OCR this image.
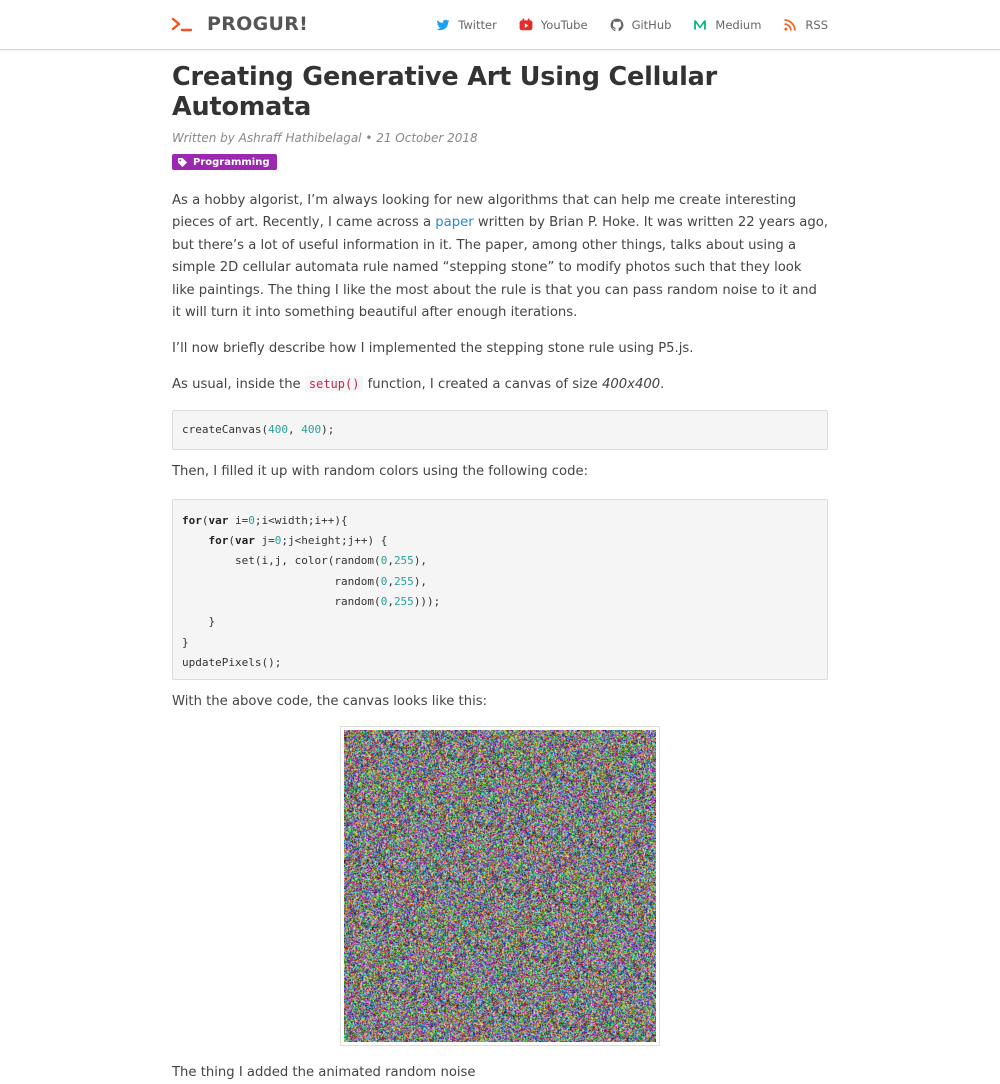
PROGUR!	Twitter	YouTube	GitHub	Medium	RSS
Creating Generative Art Using Cellular Automata
Written by Ashraff Hathibelagal • 21 October 2018
Programming

As a hobby algorist, I’m always looking for new algorithms that can help me create interesting pieces of art. Recently, I came across a paper written by Brian P. Hoke. It was written 22 years ago, but there’s a lot of useful information in it. The paper, among other things, talks about using a simple 2D cellular automata rule named “stepping stone” to modify photos such that they look like paintings. The thing I like the most about the rule is that you can pass random noise to it and it will turn it into something beautiful after enough iterations.

I’ll now briefly describe how I implemented the stepping stone rule using P5.js.

As usual, inside the setup() function, I created a canvas of size 400x400.

createCanvas(400, 400);

Then, I filled it up with random colors using the following code:

for(var i=0;i<width;i++){
for(var j=0;j<height;j++) {
set(i,j, color(random(0,255),
random(0,255),
random(0,255)));
}
}
updatePixels();

With the above code, the canvas looks like this:

The thing I added the animated random noise
